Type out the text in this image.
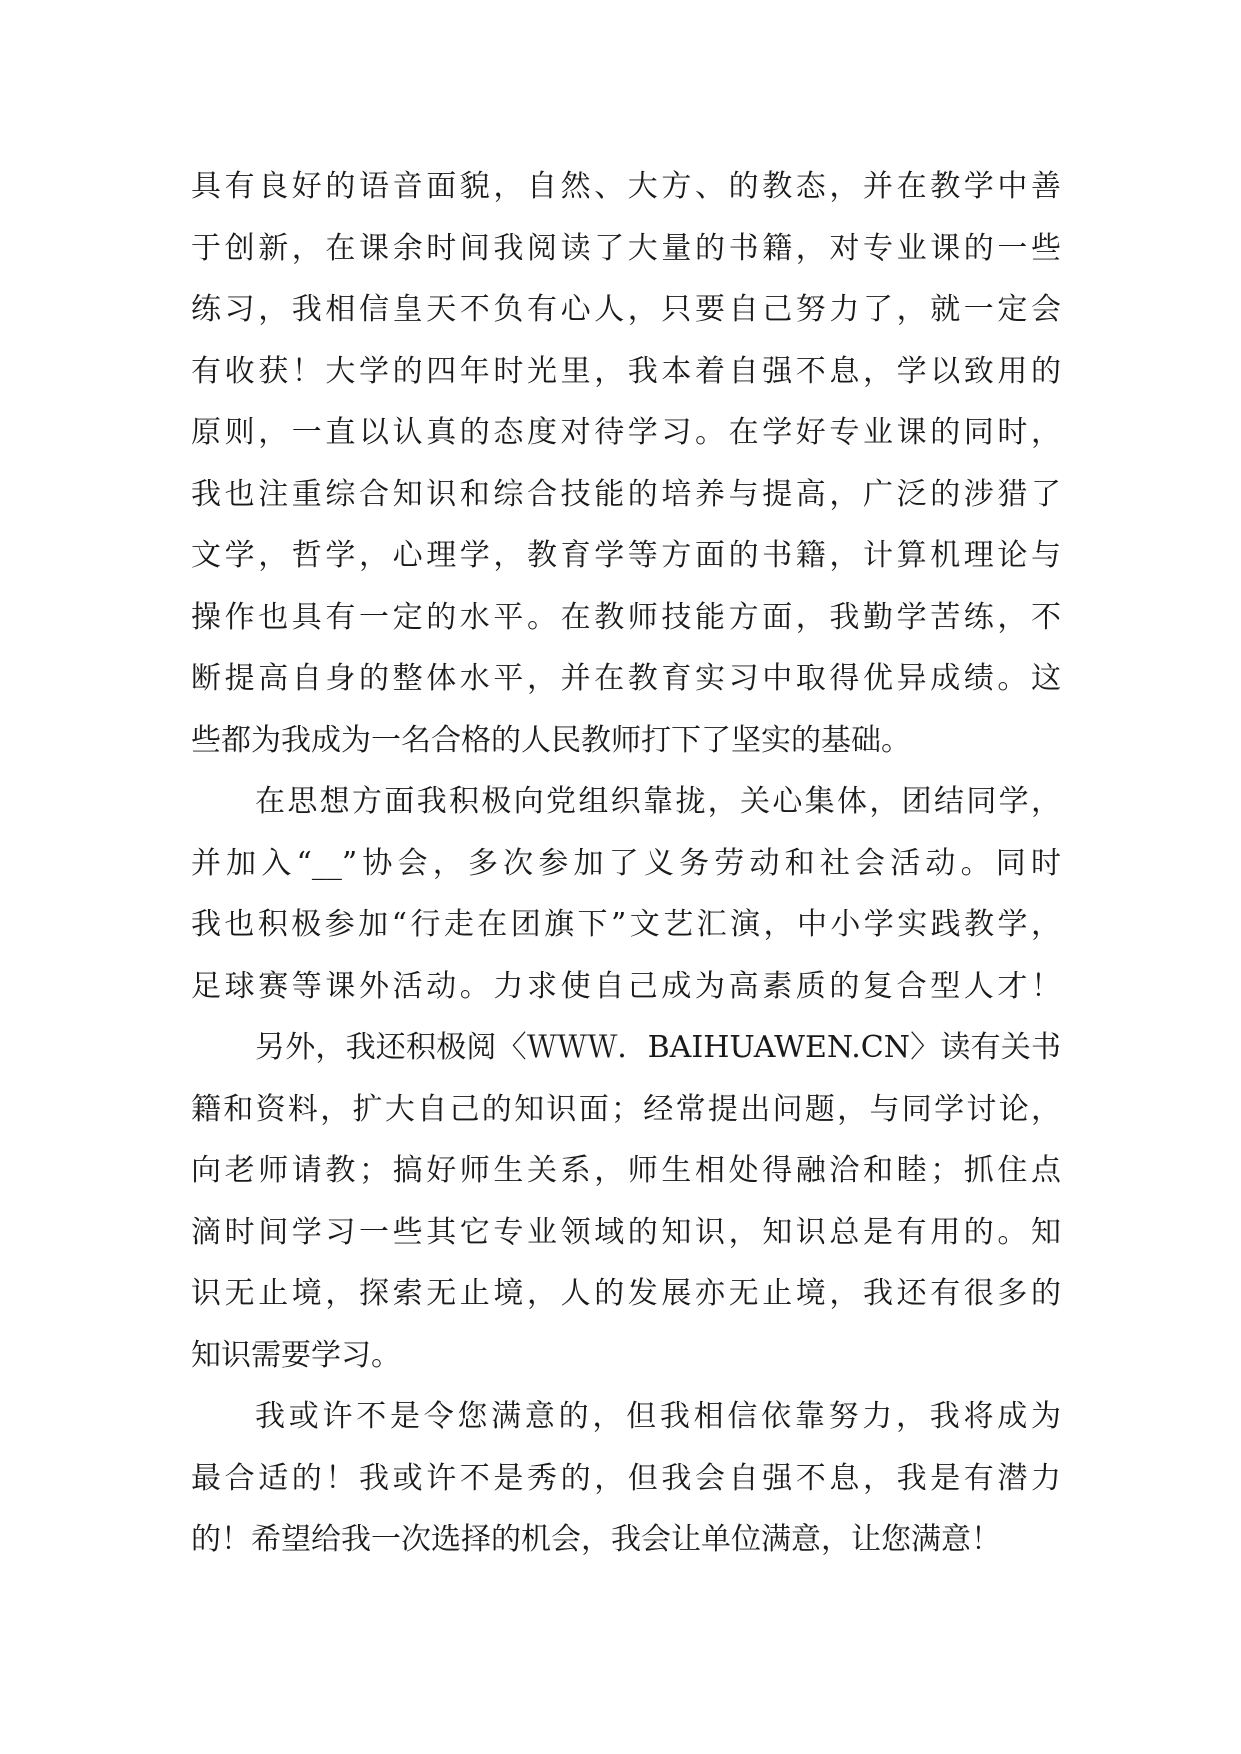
具有良好的语音面貌，自然、大方、的教态，并在教学中善
于创新，在课余时间我阅读了大量的书籍，对专业课的一些
练习，我相信皇天不负有心人，只要自己努力了，就一定会
有收获！大学的四年时光里，我本着自强不息，学以致用的
原则，一直以认真的态度对待学习。在学好专业课的同时，
我也注重综合知识和综合技能的培养与提高，广泛的涉猎了
文学，哲学，心理学，教育学等方面的书籍，计算机理论与
操作也具有一定的水平。在教师技能方面，我勤学苦练，不
断提高自身的整体水平，并在教育实习中取得优异成绩。这
些都为我成为一名合格的人民教师打下了坚实的基础。
在思想方面我积极向党组织靠拢，关心集体，团结同学，
并加入“__”协会，多次参加了义务劳动和社会活动。同时
我也积极参加“行走在团旗下”文艺汇演，中小学实践教学，
足球赛等课外活动。力求使自己成为高素质的复合型人才！
另外，我还积极阅〈ＷＷＷ．BAIHUAWEN.CN〉读有关书
籍和资料，扩大自己的知识面；经常提出问题，与同学讨论，
向老师请教；搞好师生关系，师生相处得融洽和睦；抓住点
滴时间学习一些其它专业领域的知识，知识总是有用的。知
识无止境，探索无止境，人的发展亦无止境，我还有很多的
知识需要学习。
我或许不是令您满意的，但我相信依靠努力，我将成为
最合适的！我或许不是秀的，但我会自强不息，我是有潜力
的！希望给我一次选择的机会，我会让单位满意，让您满意！
